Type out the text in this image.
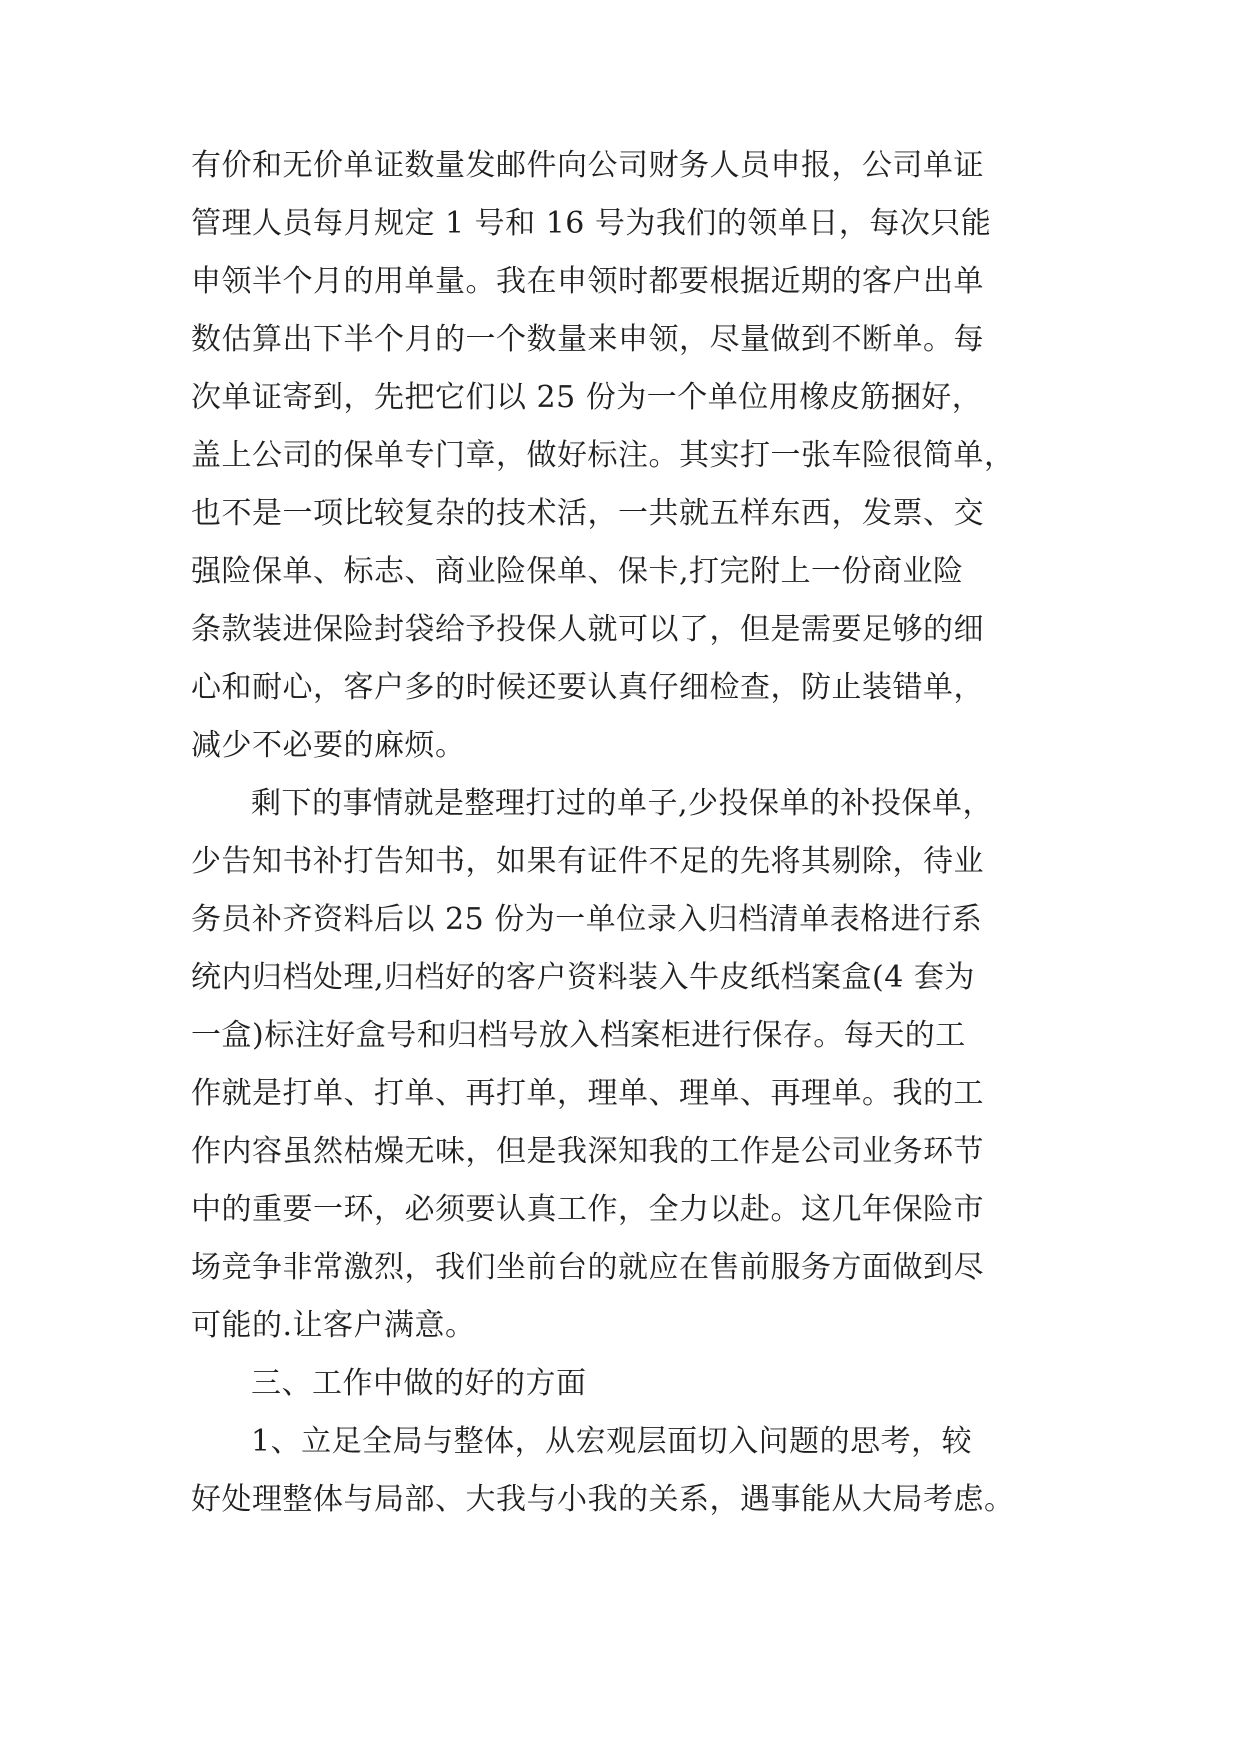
有价和无价单证数量发邮件向公司财务人员申报，公司单证
管理人员每月规定 1 号和 16 号为我们的领单日，每次只能
申领半个月的用单量。我在申领时都要根据近期的客户出单
数估算出下半个月的一个数量来申领，尽量做到不断单。每
次单证寄到，先把它们以 25 份为一个单位用橡皮筋捆好，
盖上公司的保单专门章，做好标注。其实打一张车险很简单，
也不是一项比较复杂的技术活，一共就五样东西，发票、交
强险保单、标志、商业险保单、保卡,打完附上一份商业险
条款装进保险封袋给予投保人就可以了，但是需要足够的细
心和耐心，客户多的时候还要认真仔细检查，防止装错单，
减少不必要的麻烦。
剩下的事情就是整理打过的单子,少投保单的补投保单，
少告知书补打告知书，如果有证件不足的先将其剔除，待业
务员补齐资料后以 25 份为一单位录入归档清单表格进行系
统内归档处理,归档好的客户资料装入牛皮纸档案盒(4 套为
一盒)标注好盒号和归档号放入档案柜进行保存。每天的工
作就是打单、打单、再打单，理单、理单、再理单。我的工
作内容虽然枯燥无味，但是我深知我的工作是公司业务环节
中的重要一环，必须要认真工作，全力以赴。这几年保险市
场竞争非常激烈，我们坐前台的就应在售前服务方面做到尽
可能的.让客户满意。
三、工作中做的好的方面
1、立足全局与整体，从宏观层面切入问题的思考，较
好处理整体与局部、大我与小我的关系，遇事能从大局考虑。
